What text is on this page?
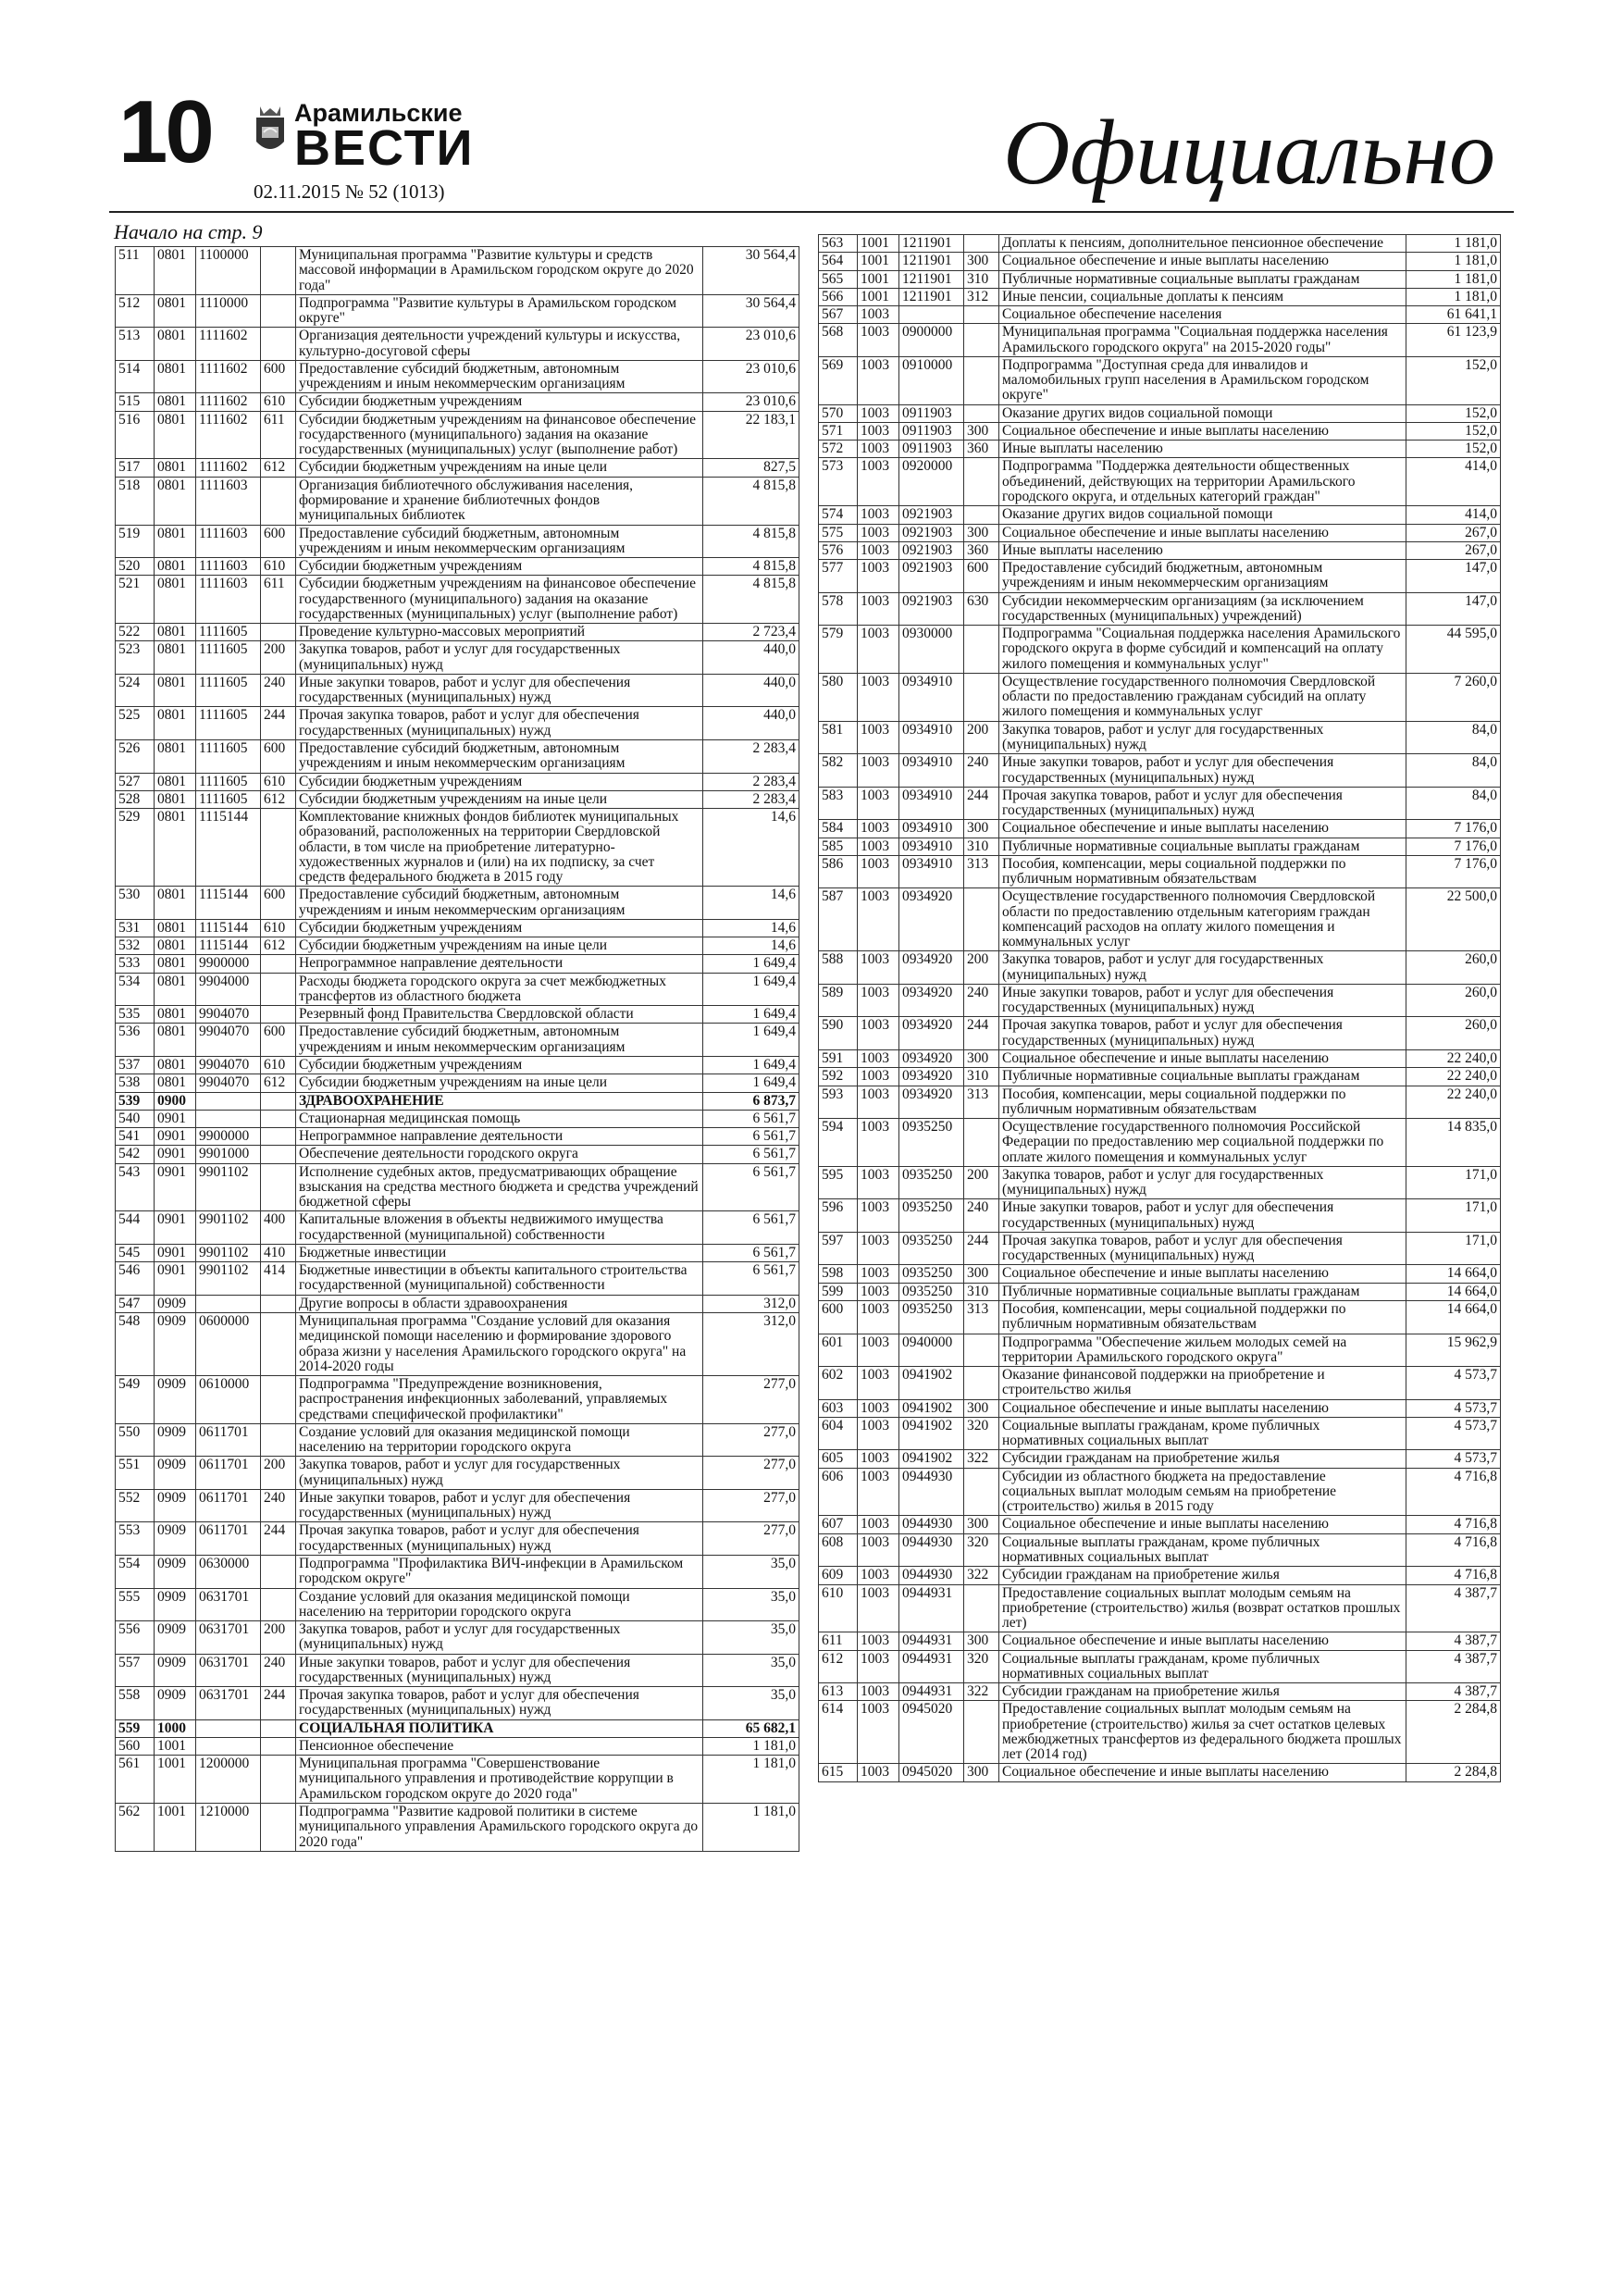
10	Арамильские
ВЕСТИ
02.11.2015 № 52 (1013)	Официально
Начало на стр. 9
511	0801	1100000		Муниципальная программа "Развитие культуры и средств массовой информации в Арамильском городском округе до 2020 года"	30 564,4
512	0801	1110000		Подпрограмма "Развитие культуры в Арамильском городском округе"	30 564,4
513	0801	1111602		Организация деятельности учреждений культуры и искусства, культурно-досуговой сферы	23 010,6
514	0801	1111602	600	Предоставление субсидий бюджетным, автономным учреждениям и иным некоммерческим организациям	23 010,6
515	0801	1111602	610	Субсидии бюджетным учреждениям	23 010,6
516	0801	1111602	611	Субсидии бюджетным учреждениям на финансовое обеспечение государственного (муниципального) задания на оказание государственных (муниципальных) услуг (выполнение работ)	22 183,1
517	0801	1111602	612	Субсидии бюджетным учреждениям на иные цели	827,5
518	0801	1111603		Организация библиотечного обслуживания населения, формирование и хранение библиотечных фондов муниципальных библиотек	4 815,8
519	0801	1111603	600	Предоставление субсидий бюджетным, автономным учреждениям и иным некоммерческим организациям	4 815,8
520	0801	1111603	610	Субсидии бюджетным учреждениям	4 815,8
521	0801	1111603	611	Субсидии бюджетным учреждениям на финансовое обеспечение государственного (муниципального) задания на оказание государственных (муниципальных) услуг (выполнение работ)	4 815,8
522	0801	1111605		Проведение культурно-массовых мероприятий	2 723,4
523	0801	1111605	200	Закупка товаров, работ и услуг для государственных (муниципальных) нужд	440,0
524	0801	1111605	240	Иные закупки товаров, работ и услуг для обеспечения государственных (муниципальных) нужд	440,0
525	0801	1111605	244	Прочая закупка товаров, работ и услуг для обеспечения государственных (муниципальных) нужд	440,0
526	0801	1111605	600	Предоставление субсидий бюджетным, автономным учреждениям и иным некоммерческим организациям	2 283,4
527	0801	1111605	610	Субсидии бюджетным учреждениям	2 283,4
528	0801	1111605	612	Субсидии бюджетным учреждениям на иные цели	2 283,4
529	0801	1115144		Комплектование книжных фондов библиотек муниципальных образований, расположенных на территории Свердловской области, в том числе на приобретение литературно-художественных журналов и (или) на их подписку, за счет средств федерального бюджета в 2015 году	14,6
530	0801	1115144	600	Предоставление субсидий бюджетным, автономным учреждениям и иным некоммерческим организациям	14,6
531	0801	1115144	610	Субсидии бюджетным учреждениям	14,6
532	0801	1115144	612	Субсидии бюджетным учреждениям на иные цели	14,6
533	0801	9900000		Непрограммное направление деятельности	1 649,4
534	0801	9904000		Расходы бюджета городского округа за счет межбюджетных трансфертов из областного бюджета	1 649,4
535	0801	9904070		Резервный фонд Правительства Свердловской области	1 649,4
536	0801	9904070	600	Предоставление субсидий бюджетным, автономным учреждениям и иным некоммерческим организациям	1 649,4
537	0801	9904070	610	Субсидии бюджетным учреждениям	1 649,4
538	0801	9904070	612	Субсидии бюджетным учреждениям на иные цели	1 649,4
539	0900			ЗДРАВООХРАНЕНИЕ	6 873,7
540	0901			Стационарная медицинская помощь	6 561,7
541	0901	9900000		Непрограммное направление деятельности	6 561,7
542	0901	9901000		Обеспечение деятельности городского округа	6 561,7
543	0901	9901102		Исполнение судебных актов, предусматривающих обращение взыскания на средства местного бюджета и средства учреждений бюджетной сферы	6 561,7
544	0901	9901102	400	Капитальные вложения в объекты недвижимого имущества государственной (муниципальной) собственности	6 561,7
545	0901	9901102	410	Бюджетные инвестиции	6 561,7
546	0901	9901102	414	Бюджетные инвестиции в объекты капитального строительства государственной (муниципальной) собственности	6 561,7
547	0909			Другие вопросы в области здравоохранения	312,0
548	0909	0600000		Муниципальная программа "Создание условий для оказания медицинской помощи населению и формирование здорового образа жизни у населения Арамильского городского округа" на 2014-2020 годы	312,0
549	0909	0610000		Подпрограмма "Предупреждение возникновения, распространения инфекционных заболеваний, управляемых средствами специфической профилактики"	277,0
550	0909	0611701		Создание условий для оказания медицинской помощи населению на территории городского округа	277,0
551	0909	0611701	200	Закупка товаров, работ и услуг для государственных (муниципальных) нужд	277,0
552	0909	0611701	240	Иные закупки товаров, работ и услуг для обеспечения государственных (муниципальных) нужд	277,0
553	0909	0611701	244	Прочая закупка товаров, работ и услуг для обеспечения государственных (муниципальных) нужд	277,0
554	0909	0630000		Подпрограмма "Профилактика ВИЧ-инфекции в Арамильском городском округе"	35,0
555	0909	0631701		Создание условий для оказания медицинской помощи населению на территории городского округа	35,0
556	0909	0631701	200	Закупка товаров, работ и услуг для государственных (муниципальных) нужд	35,0
557	0909	0631701	240	Иные закупки товаров, работ и услуг для обеспечения государственных (муниципальных) нужд	35,0
558	0909	0631701	244	Прочая закупка товаров, работ и услуг для обеспечения государственных (муниципальных) нужд	35,0
559	1000			СОЦИАЛЬНАЯ ПОЛИТИКА	65 682,1
560	1001			Пенсионное обеспечение	1 181,0
561	1001	1200000		Муниципальная программа "Совершенствование муниципального управления и противодействие коррупции в Арамильском городском округе до 2020 года"	1 181,0
562	1001	1210000		Подпрограмма "Развитие кадровой политики в системе муниципального управления Арамильского городского округа до 2020 года"	1 181,0
563	1001	1211901		Доплаты к пенсиям, дополнительное пенсионное обеспечение	1 181,0
564	1001	1211901	300	Социальное обеспечение и иные выплаты населению	1 181,0
565	1001	1211901	310	Публичные нормативные социальные выплаты гражданам	1 181,0
566	1001	1211901	312	Иные пенсии, социальные доплаты к пенсиям	1 181,0
567	1003			Социальное обеспечение населения	61 641,1
568	1003	0900000		Муниципальная программа "Социальная поддержка населения Арамильского городского округа" на 2015-2020 годы"	61 123,9
569	1003	0910000		Подпрограмма "Доступная среда для инвалидов и маломобильных групп населения в Арамильском городском округе"	152,0
570	1003	0911903		Оказание других видов социальной помощи	152,0
571	1003	0911903	300	Социальное обеспечение и иные выплаты населению	152,0
572	1003	0911903	360	Иные выплаты населению	152,0
573	1003	0920000		Подпрограмма "Поддержка деятельности общественных объединений, действующих на территории Арамильского городского округа, и отдельных категорий граждан"	414,0
574	1003	0921903		Оказание других видов социальной помощи	414,0
575	1003	0921903	300	Социальное обеспечение и иные выплаты населению	267,0
576	1003	0921903	360	Иные выплаты населению	267,0
577	1003	0921903	600	Предоставление субсидий бюджетным, автономным учреждениям и иным некоммерческим организациям	147,0
578	1003	0921903	630	Субсидии некоммерческим организациям (за исключением государственных (муниципальных) учреждений)	147,0
579	1003	0930000		Подпрограмма "Социальная поддержка населения Арамильского городского округа в форме субсидий и компенсаций на оплату жилого помещения и коммунальных услуг"	44 595,0
580	1003	0934910		Осуществление государственного полномочия Свердловской области по предоставлению гражданам субсидий на оплату жилого помещения и коммунальных услуг	7 260,0
581	1003	0934910	200	Закупка товаров, работ и услуг для государственных (муниципальных) нужд	84,0
582	1003	0934910	240	Иные закупки товаров, работ и услуг для обеспечения государственных (муниципальных) нужд	84,0
583	1003	0934910	244	Прочая закупка товаров, работ и услуг для обеспечения государственных (муниципальных) нужд	84,0
584	1003	0934910	300	Социальное обеспечение и иные выплаты населению	7 176,0
585	1003	0934910	310	Публичные нормативные социальные выплаты гражданам	7 176,0
586	1003	0934910	313	Пособия, компенсации, меры социальной поддержки по публичным нормативным обязательствам	7 176,0
587	1003	0934920		Осуществление государственного полномочия Свердловской области по предоставлению отдельным категориям граждан компенсаций расходов на оплату жилого помещения и коммунальных услуг	22 500,0
588	1003	0934920	200	Закупка товаров, работ и услуг для государственных (муниципальных) нужд	260,0
589	1003	0934920	240	Иные закупки товаров, работ и услуг для обеспечения государственных (муниципальных) нужд	260,0
590	1003	0934920	244	Прочая закупка товаров, работ и услуг для обеспечения государственных (муниципальных) нужд	260,0
591	1003	0934920	300	Социальное обеспечение и иные выплаты населению	22 240,0
592	1003	0934920	310	Публичные нормативные социальные выплаты гражданам	22 240,0
593	1003	0934920	313	Пособия, компенсации, меры социальной поддержки по публичным нормативным обязательствам	22 240,0
594	1003	0935250		Осуществление государственного полномочия Российской Федерации по предоставлению мер социальной поддержки по оплате жилого помещения и коммунальных услуг	14 835,0
595	1003	0935250	200	Закупка товаров, работ и услуг для государственных (муниципальных) нужд	171,0
596	1003	0935250	240	Иные закупки товаров, работ и услуг для обеспечения государственных (муниципальных) нужд	171,0
597	1003	0935250	244	Прочая закупка товаров, работ и услуг для обеспечения государственных (муниципальных) нужд	171,0
598	1003	0935250	300	Социальное обеспечение и иные выплаты населению	14 664,0
599	1003	0935250	310	Публичные нормативные социальные выплаты гражданам	14 664,0
600	1003	0935250	313	Пособия, компенсации, меры социальной поддержки по публичным нормативным обязательствам	14 664,0
601	1003	0940000		Подпрограмма "Обеспечение жильем молодых семей на территории Арамильского городского округа"	15 962,9
602	1003	0941902		Оказание финансовой поддержки на приобретение и строительство жилья	4 573,7
603	1003	0941902	300	Социальное обеспечение и иные выплаты населению	4 573,7
604	1003	0941902	320	Социальные выплаты гражданам, кроме публичных нормативных социальных выплат	4 573,7
605	1003	0941902	322	Субсидии гражданам на приобретение жилья	4 573,7
606	1003	0944930		Субсидии из областного бюджета на предоставление социальных выплат молодым семьям на приобретение (строительство) жилья в 2015 году	4 716,8
607	1003	0944930	300	Социальное обеспечение и иные выплаты населению	4 716,8
608	1003	0944930	320	Социальные выплаты гражданам, кроме публичных нормативных социальных выплат	4 716,8
609	1003	0944930	322	Субсидии гражданам на приобретение жилья	4 716,8
610	1003	0944931		Предоставление социальных выплат молодым семьям на приобретение (строительство) жилья (возврат остатков прошлых лет)	4 387,7
611	1003	0944931	300	Социальное обеспечение и иные выплаты населению	4 387,7
612	1003	0944931	320	Социальные выплаты гражданам, кроме публичных нормативных социальных выплат	4 387,7
613	1003	0944931	322	Субсидии гражданам на приобретение жилья	4 387,7
614	1003	0945020		Предоставление социальных выплат молодым семьям на приобретение (строительство) жилья за счет остатков целевых межбюджетных трансфертов из федерального бюджета прошлых лет (2014 год)	2 284,8
615	1003	0945020	300	Социальное обеспечение и иные выплаты населению	2 284,8
